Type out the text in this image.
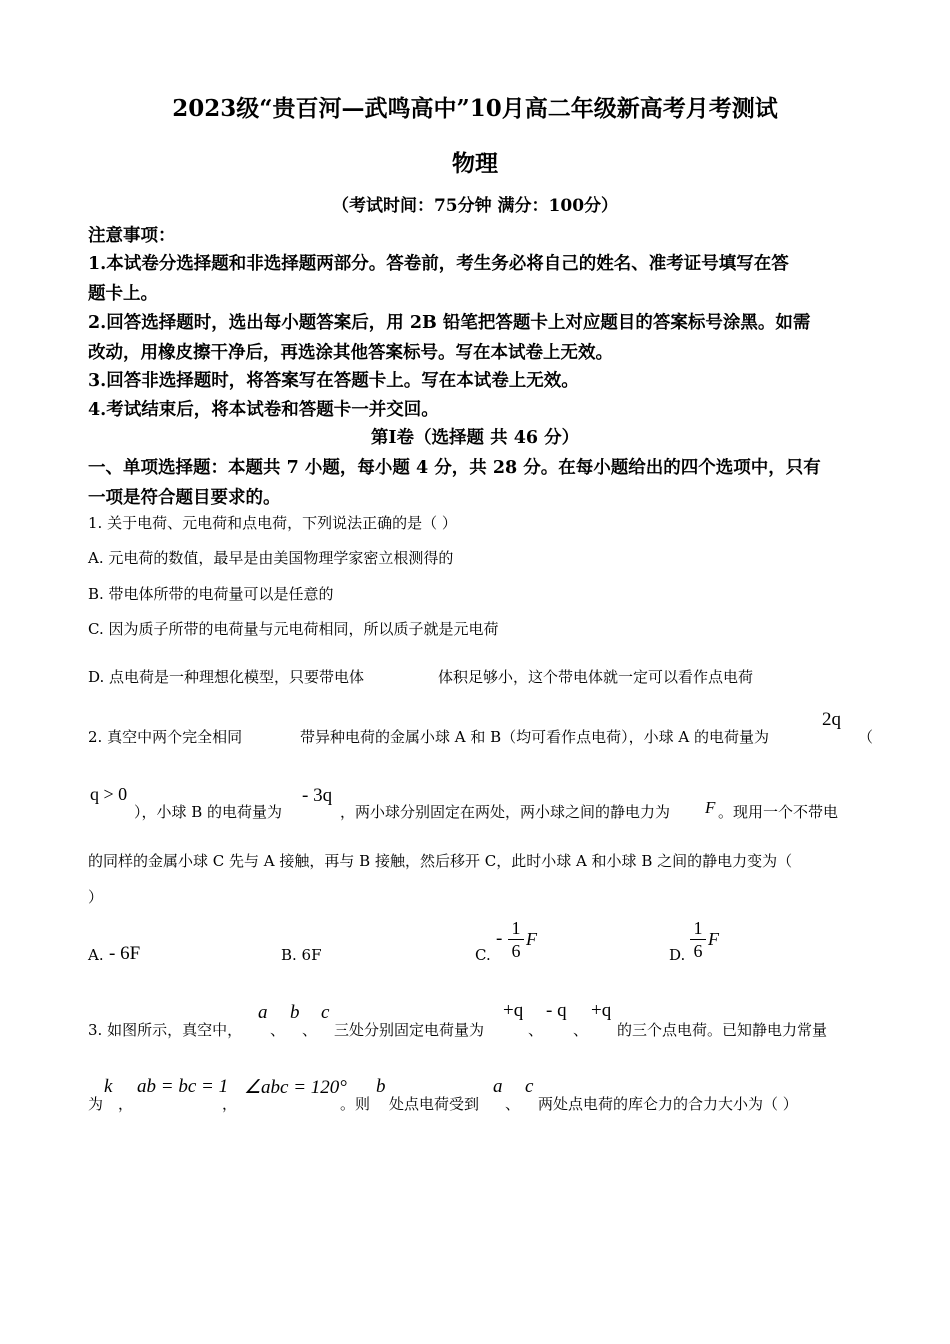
2023级“贵百河—武鸣高中”10月高二年级新高考月考测试
物理
（考试时间：75分钟 满分：100分）
注意事项：
1.本试卷分选择题和非选择题两部分。答卷前，考生务必将自己的姓名、准考证号填写在答
题卡上。
2.回答选择题时，选出每小题答案后，用 2B 铅笔把答题卡上对应题目的答案标号涂黑。如需
改动，用橡皮擦干净后，再选涂其他答案标号。写在本试卷上无效。
3.回答非选择题时，将答案写在答题卡上。写在本试卷上无效。
4.考试结束后，将本试卷和答题卡一并交回。
第Ⅰ卷（选择题 共 46 分）
一、单项选择题：本题共 7 小题，每小题 4 分，共 28 分。在每小题给出的四个选项中，只有
一项是符合题目要求的。
1. 关于电荷、元电荷和点电荷，下列说法正确的是（ ）
A. 元电荷的数值，最早是由美国物理学家密立根测得的
B. 带电体所带的电荷量可以是任意的
C. 因为质子所带的电荷量与元电荷相同，所以质子就是元电荷
D. 点电荷是一种理想化模型，只要带电体	体积足够小，这个带电体就一定可以看作点电荷
2. 真空中两个完全相同	带异种电荷的金属小球 A 和 B（均可看作点电荷），小球 A 的电荷量为
2q
（
q > 0
），小球 B 的电荷量为
- 3q
，两小球分别固定在两处，两小球之间的静电力为 F 。现用一个不带电
的同样的金属小球 C 先与 A 接触，再与 B 接触，然后移开 C，此时小球 A 和小球 B 之间的静电力变为（
）
A. - 6F	B. 6F	C.
- 1
6
F
D.
1
6
F
3. 如图所示，真空中，
a
、
b
、
c
三处分别固定电荷量为
+q
、
- q
、
+q
的三个点电荷。已知静电力常量
为
k
，
ab = bc = 1
，
∠abc = 120°
。则
b
处点电荷受到
a
、
c
两处点电荷的库仑力的合力大小为（ ）
